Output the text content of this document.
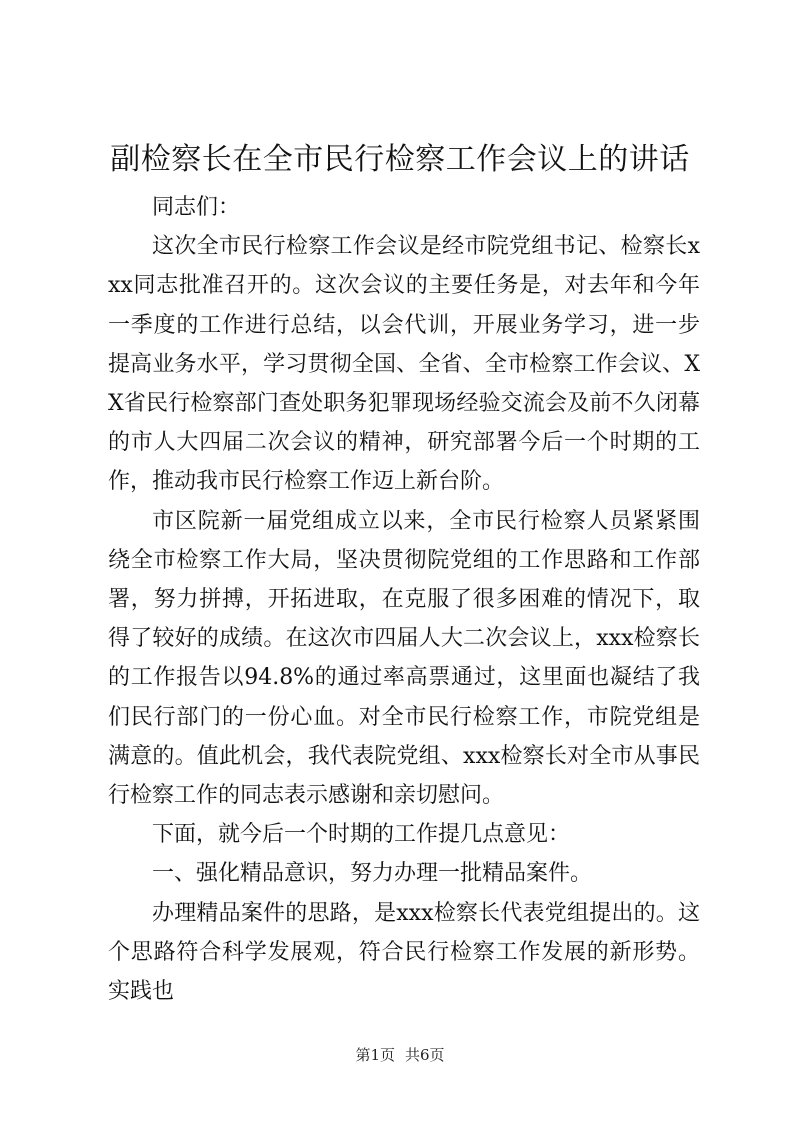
副检察长在全市民行检察工作会议上的讲话

同志们：

这次全市民行检察工作会议是经市院党组书记、检察长xxx同志批准召开的。这次会议的主要任务是，对去年和今年一季度的工作进行总结，以会代训，开展业务学习，进一步提高业务水平，学习贯彻全国、全省、全市检察工作会议、XX省民行检察部门查处职务犯罪现场经验交流会及前不久闭幕的市人大四届二次会议的精神，研究部署今后一个时期的工作，推动我市民行检察工作迈上新台阶。

市区院新一届党组成立以来，全市民行检察人员紧紧围绕全市检察工作大局，坚决贯彻院党组的工作思路和工作部署，努力拼搏，开拓进取，在克服了很多困难的情况下，取得了较好的成绩。在这次市四届人大二次会议上，xxx检察长的工作报告以94.8%的通过率高票通过，这里面也凝结了我们民行部门的一份心血。对全市民行检察工作，市院党组是满意的。值此机会，我代表院党组、xxx检察长对全市从事民行检察工作的同志表示感谢和亲切慰问。

下面，就今后一个时期的工作提几点意见：

一、强化精品意识，努力办理一批精品案件。

办理精品案件的思路，是xxx检察长代表党组提出的。这个思路符合科学发展观，符合民行检察工作发展的新形势。实践也

第1页 共6页
